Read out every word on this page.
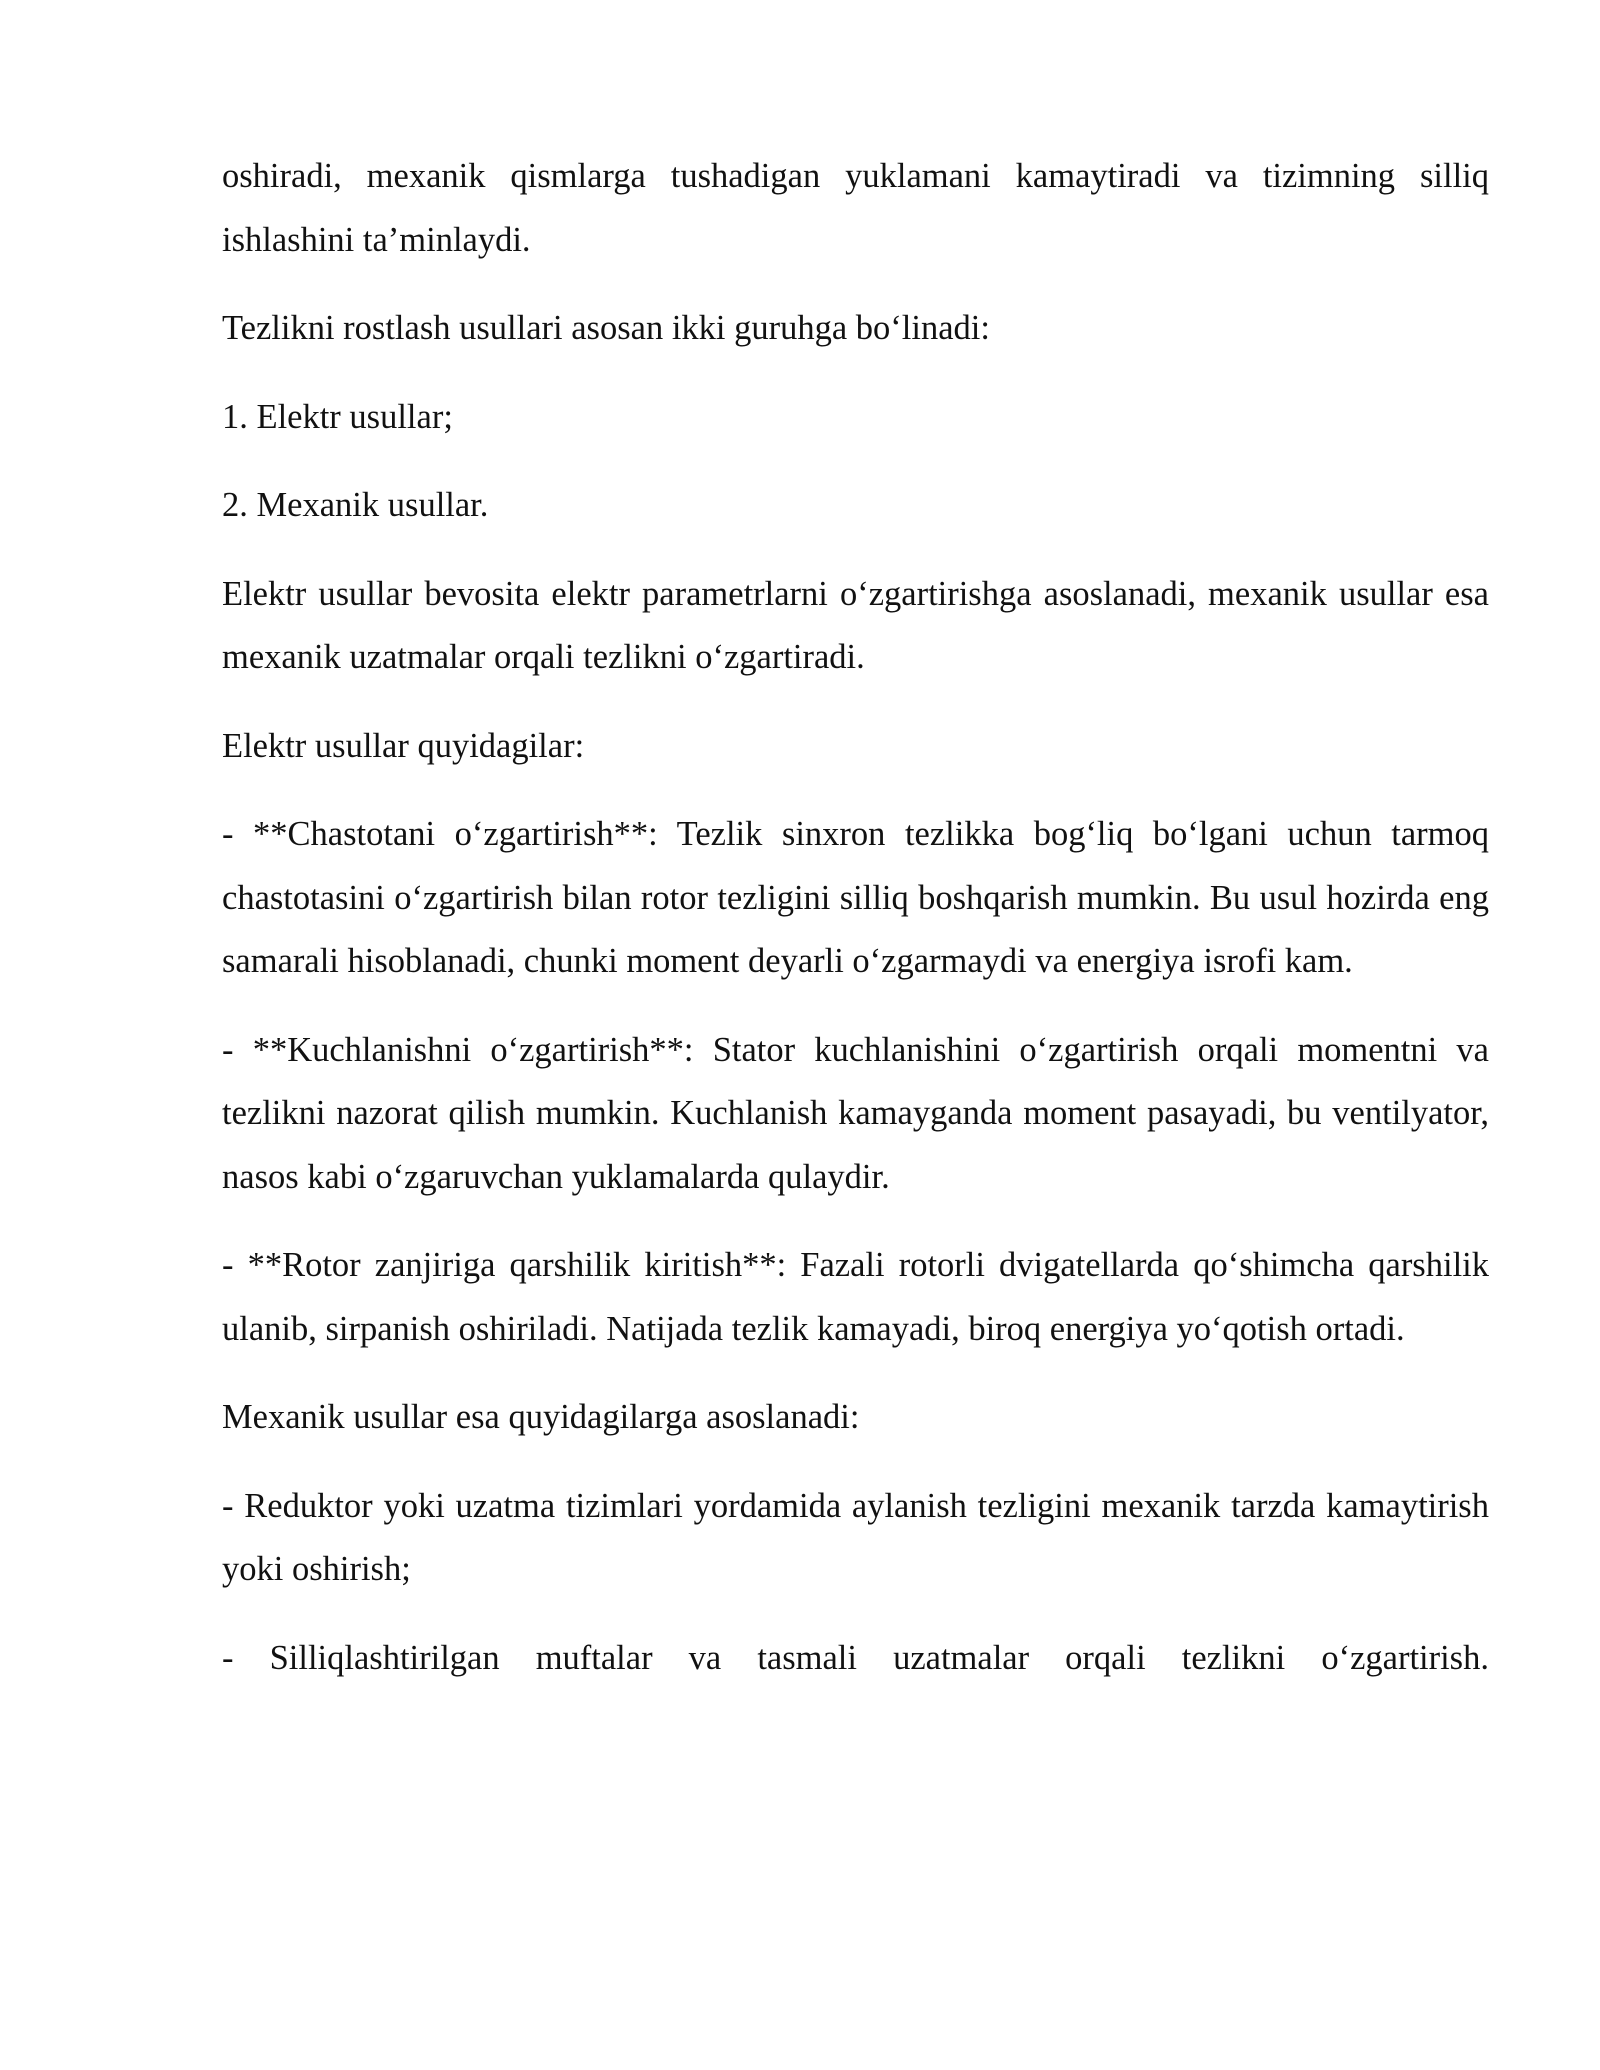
oshiradi, mexanik qismlarga tushadigan yuklamani kamaytiradi va tizimning silliq ishlashini ta’minlaydi.

Tezlikni rostlash usullari asosan ikki guruhga bo‘linadi:

1. Elektr usullar;

2. Mexanik usullar.

Elektr usullar bevosita elektr parametrlarni o‘zgartirishga asoslanadi, mexanik usullar esa mexanik uzatmalar orqali tezlikni o‘zgartiradi.

Elektr usullar quyidagilar:

- **Chastotani o‘zgartirish**: Tezlik sinxron tezlikka bog‘liq bo‘lgani uchun tarmoq chastotasini o‘zgartirish bilan rotor tezligini silliq boshqarish mumkin. Bu usul hozirda eng samarali hisoblanadi, chunki moment deyarli o‘zgarmaydi va energiya isrofi kam.

- **Kuchlanishni o‘zgartirish**: Stator kuchlanishini o‘zgartirish orqali momentni va tezlikni nazorat qilish mumkin. Kuchlanish kamayganda moment pasayadi, bu ventilyator, nasos kabi o‘zgaruvchan yuklamalarda qulaydir.

- **Rotor zanjiriga qarshilik kiritish**: Fazali rotorli dvigatellarda qo‘shimcha qarshilik ulanib, sirpanish oshiriladi. Natijada tezlik kamayadi, biroq energiya yo‘qotish ortadi.

Mexanik usullar esa quyidagilarga asoslanadi:

- Reduktor yoki uzatma tizimlari yordamida aylanish tezligini mexanik tarzda kamaytirish yoki oshirish;

- Silliqlashtirilgan muftalar va tasmali uzatmalar orqali tezlikni o‘zgartirish.
